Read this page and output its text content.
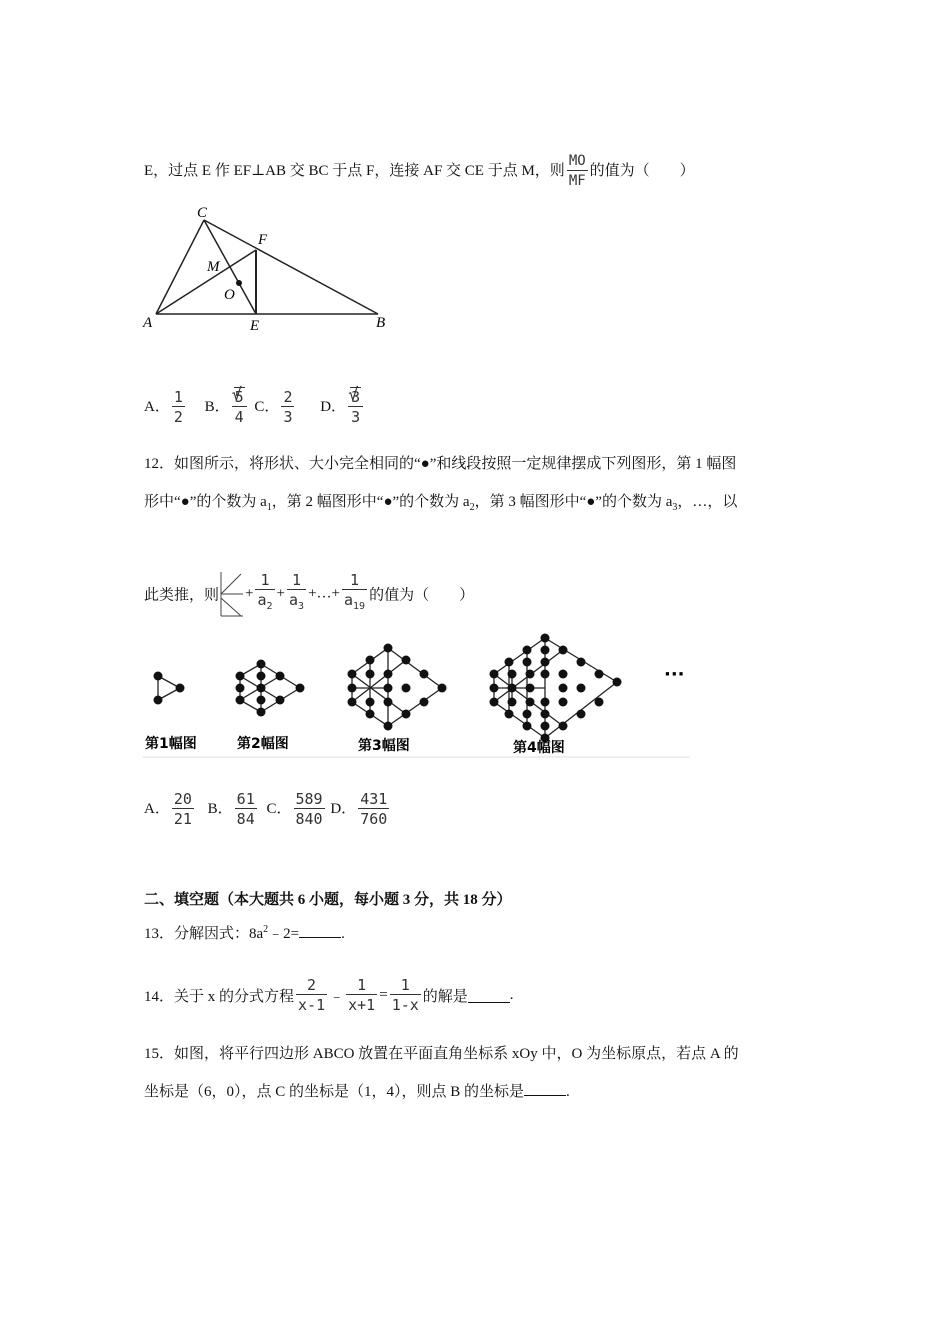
E，过点 E 作 EF⊥AB 交 BC 于点 F，连接 AF 交 CE 于点 M，则 $\frac{MO}{MF}$ 的值为（　　）
C
F
M
O
A	E	B
A． $\frac{1}{2}$ B． √ $\frac{5}{4}$ C． $\frac{2}{3}$ D． √ $\frac{3}{3}$
12．如图所示，将形状、大小完全相同的“●”和线段按照一定规律摆成下列图形，第 1 幅图
形中“●”的个数为 $a_1$，第 2 幅图形中“●”的个数为 $a_2$，第 3 幅图形中“●”的个数为 $a_3$，…，以
此类推，则 + $\frac{1}{a_2} + \frac{1}{a_3}$ +…+ $\frac{1}{a_{19}}$ 的值为（　　）
第1幅图	第2幅图	第3幅图	第4幅图
···
A． $\frac{20}{21}$ B． $\frac{61}{84}$ C． $\frac{589}{840}$ D． $\frac{431}{760}$
二、填空题（本大题共 6 小题，每小题 3 分，共 18 分）
13．分解因式：$8a^2﹣2=$	.
14．关于 x 的分式方程 $\frac{2}{x-1}$ ﹣ $\frac{1}{x+1} = \frac{1}{1-x}$ 的解是	.
15．如图，将平行四边形 ABCO 放置在平面直角坐标系 xOy 中，O 为坐标原点，若点 A 的
坐标是（6，0），点 C 的坐标是（1，4），则点 B 的坐标是	.
